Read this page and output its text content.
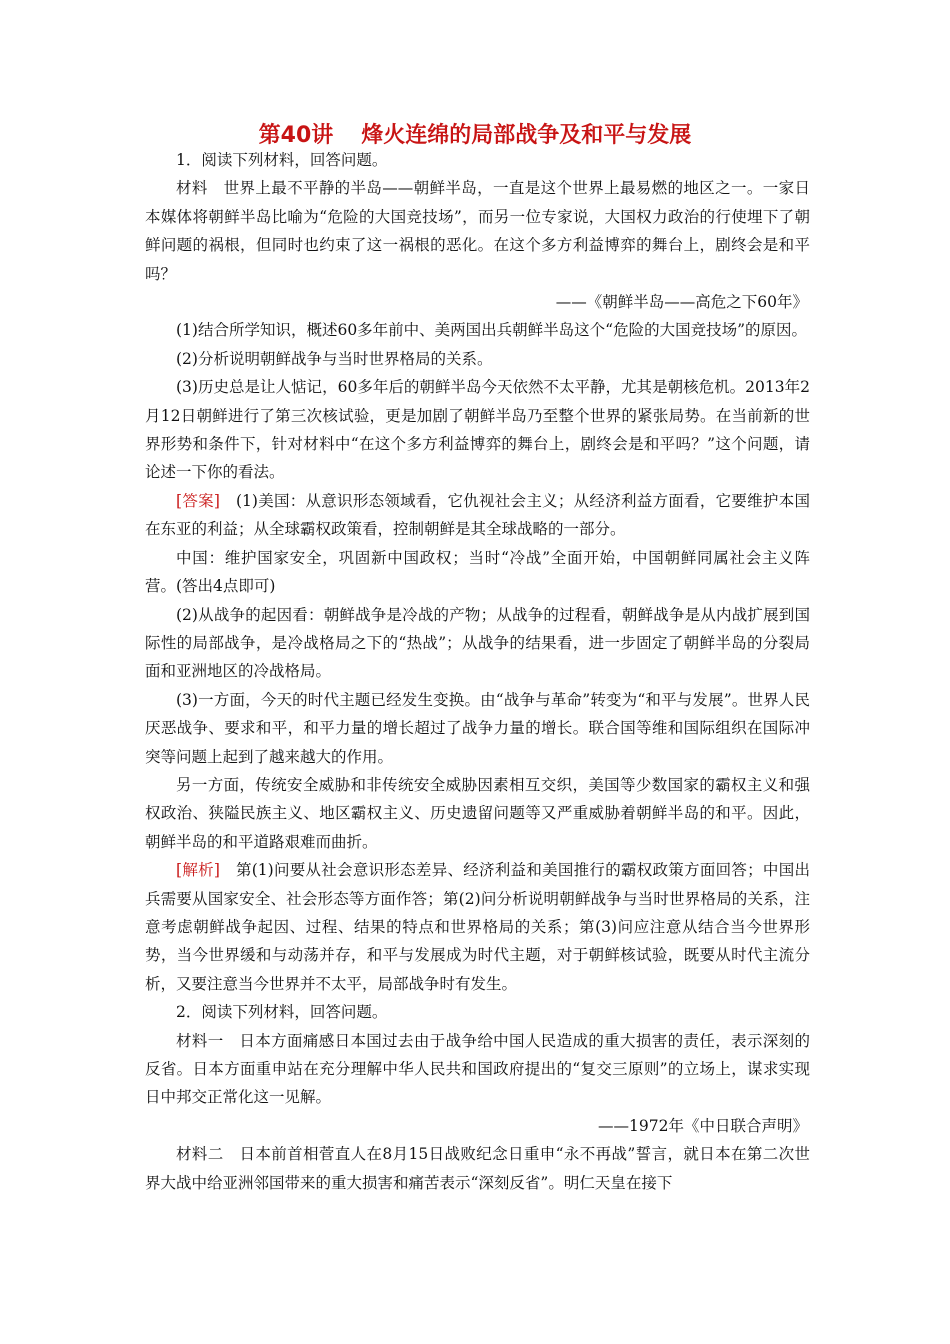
第40讲 烽火连绵的局部战争及和平与发展

1．阅读下列材料，回答问题。

材料　世界上最不平静的半岛——朝鲜半岛，一直是这个世界上最易燃的地区之一。一家日本媒体将朝鲜半岛比喻为“危险的大国竞技场”，而另一位专家说，大国权力政治的行使埋下了朝鲜问题的祸根，但同时也约束了这一祸根的恶化。在这个多方利益博弈的舞台上，剧终会是和平吗？

——《朝鲜半岛——高危之下60年》

(1)结合所学知识，概述60多年前中、美两国出兵朝鲜半岛这个“危险的大国竞技场”的原因。

(2)分析说明朝鲜战争与当时世界格局的关系。

(3)历史总是让人惦记，60多年后的朝鲜半岛今天依然不太平静，尤其是朝核危机。2013年2月12日朝鲜进行了第三次核试验，更是加剧了朝鲜半岛乃至整个世界的紧张局势。在当前新的世界形势和条件下，针对材料中“在这个多方利益博弈的舞台上，剧终会是和平吗？”这个问题，请论述一下你的看法。

[答案]　 (1)美国：从意识形态领域看，它仇视社会主义；从经济利益方面看，它要维护本国在东亚的利益；从全球霸权政策看，控制朝鲜是其全球战略的一部分。

中国：维护国家安全，巩固新中国政权；当时“冷战”全面开始，中国朝鲜同属社会主义阵营。(答出4点即可)

(2)从战争的起因看：朝鲜战争是冷战的产物；从战争的过程看，朝鲜战争是从内战扩展到国际性的局部战争，是冷战格局之下的“热战”；从战争的结果看，进一步固定了朝鲜半岛的分裂局面和亚洲地区的冷战格局。

(3)一方面，今天的时代主题已经发生变换。由“战争与革命”转变为“和平与发展”。世界人民厌恶战争、要求和平，和平力量的增长超过了战争力量的增长。联合国等维和国际组织在国际冲突等问题上起到了越来越大的作用。

另一方面，传统安全威胁和非传统安全威胁因素相互交织，美国等少数国家的霸权主义和强权政治、狭隘民族主义、地区霸权主义、历史遗留问题等又严重威胁着朝鲜半岛的和平。因此，朝鲜半岛的和平道路艰难而曲折。

[解析]　 第(1)问要从社会意识形态差异、经济利益和美国推行的霸权政策方面回答；中国出兵需要从国家安全、社会形态等方面作答；第(2)问分析说明朝鲜战争与当时世界格局的关系，注意考虑朝鲜战争起因、过程、结果的特点和世界格局的关系；第(3)问应注意从结合当今世界形势，当今世界缓和与动荡并存，和平与发展成为时代主题，对于朝鲜核试验，既要从时代主流分析，又要注意当今世界并不太平，局部战争时有发生。

2．阅读下列材料，回答问题。

材料一　日本方面痛感日本国过去由于战争给中国人民造成的重大损害的责任，表示深刻的反省。日本方面重申站在充分理解中华人民共和国政府提出的“复交三原则”的立场上，谋求实现日中邦交正常化这一见解。

——1972年《中日联合声明》

材料二　日本前首相菅直人在8月15日战败纪念日重申“永不再战”誓言，就日本在第二次世界大战中给亚洲邻国带来的重大损害和痛苦表示“深刻反省”。明仁天皇在接下
